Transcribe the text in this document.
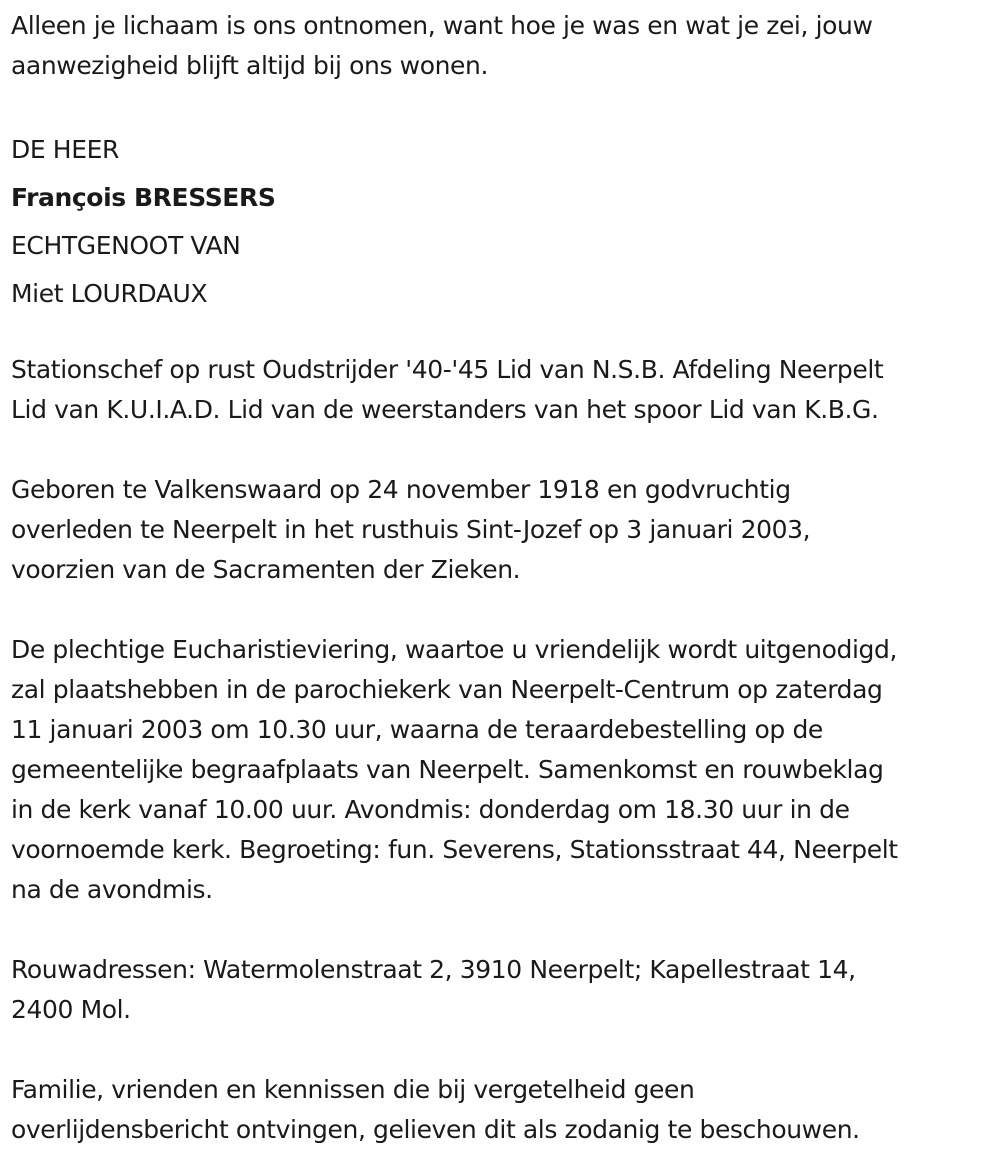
Alleen je lichaam is ons ontnomen, want hoe je was en wat je zei, jouw

aanwezigheid blijft altijd bij ons wonen.

DE HEER

François BRESSERS

ECHTGENOOT VAN

Miet LOURDAUX

Stationschef op rust Oudstrijder '40-'45 Lid van N.S.B. Afdeling Neerpelt

Lid van K.U.I.A.D. Lid van de weerstanders van het spoor Lid van K.B.G.

Geboren te Valkenswaard op 24 november 1918 en godvruchtig

overleden te Neerpelt in het rusthuis Sint-Jozef op 3 januari 2003,

voorzien van de Sacramenten der Zieken.

De plechtige Eucharistieviering, waartoe u vriendelijk wordt uitgenodigd,

zal plaatshebben in de parochiekerk van Neerpelt-Centrum op zaterdag

11 januari 2003 om 10.30 uur, waarna de teraardebestelling op de

gemeentelijke begraafplaats van Neerpelt. Samenkomst en rouwbeklag

in de kerk vanaf 10.00 uur. Avondmis: donderdag om 18.30 uur in de

voornoemde kerk. Begroeting: fun. Severens, Stationsstraat 44, Neerpelt

na de avondmis.

Rouwadressen: Watermolenstraat 2, 3910 Neerpelt; Kapellestraat 14,

2400 Mol.

Familie, vrienden en kennissen die bij vergetelheid geen

overlijdensbericht ontvingen, gelieven dit als zodanig te beschouwen.
